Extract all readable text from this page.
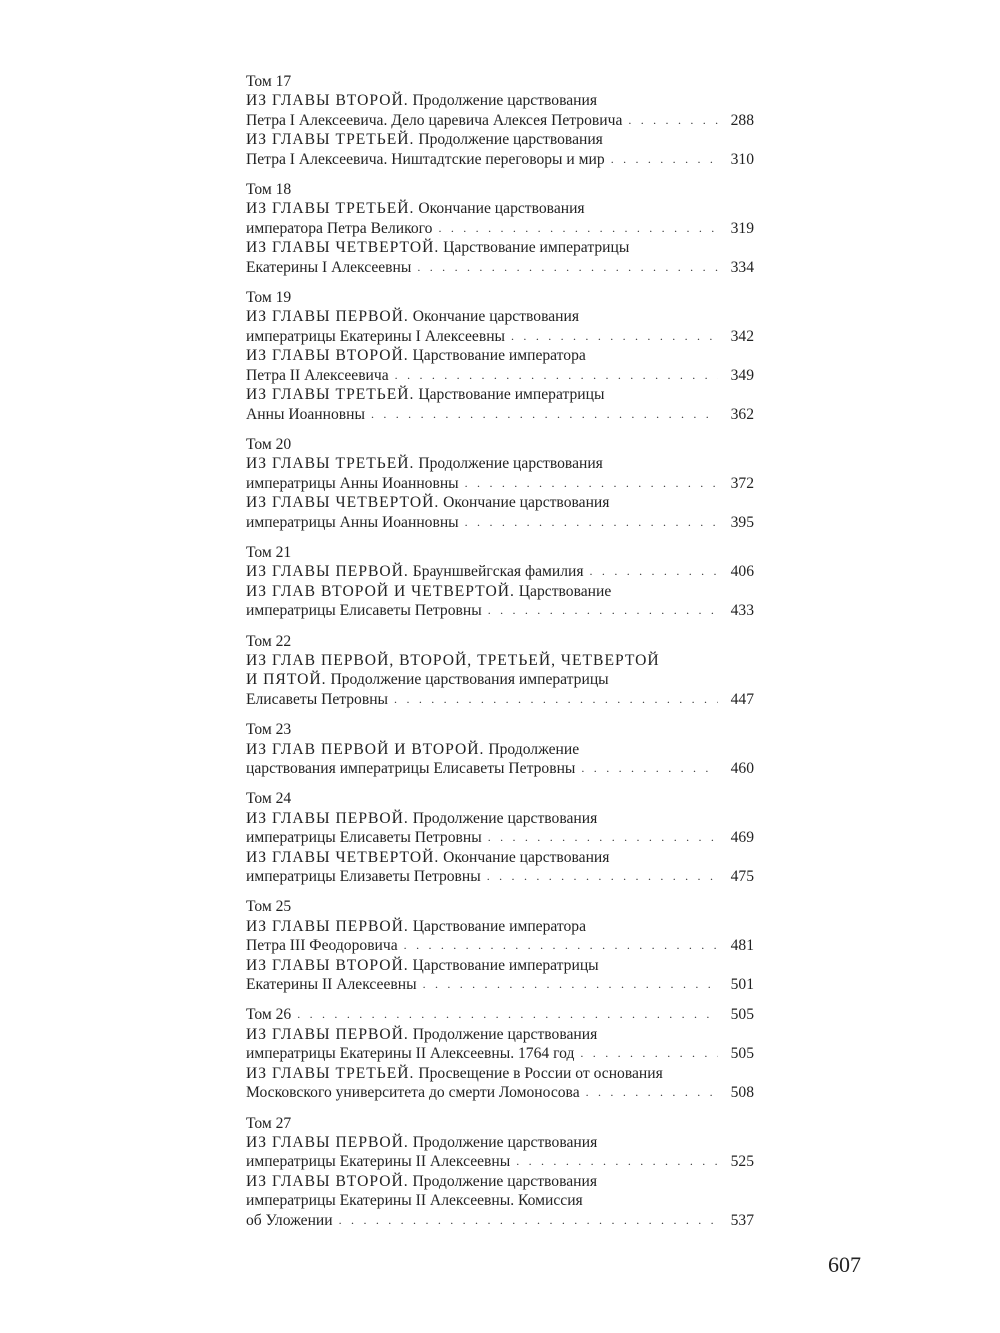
Том 17
ИЗ ГЛАВЫ ВТОРОЙ. Продолжение царствования
Петра I Алексеевича. Дело царевича Алексея Петровича . . .	288
ИЗ ГЛАВЫ ТРЕТЬЕЙ. Продолжение царствования
Петра I Алексеевича. Ништадтские переговоры и мир . . .	310
Том 18
ИЗ ГЛАВЫ ТРЕТЬЕЙ. Окончание царствования
императора Петра Великого . . .	319
ИЗ ГЛАВЫ ЧЕТВЕРТОЙ. Царствование императрицы
Екатерины I Алексеевны . . .	334
Том 19
ИЗ ГЛАВЫ ПЕРВОЙ. Окончание царствования
императрицы Екатерины I Алексеевны . . .	342
ИЗ ГЛАВЫ ВТОРОЙ. Царствование императора
Петра II Алексеевича . . .	349
ИЗ ГЛАВЫ ТРЕТЬЕЙ. Царствование императрицы
Анны Иоанновны . . .	362
Том 20
ИЗ ГЛАВЫ ТРЕТЬЕЙ. Продолжение царствования
императрицы Анны Иоанновны . . .	372
ИЗ ГЛАВЫ ЧЕТВЕРТОЙ. Окончание царствования
императрицы Анны Иоанновны . . .	395
Том 21
ИЗ ГЛАВЫ ПЕРВОЙ. Брауншвейгская фамилия . . .	406
ИЗ ГЛАВ ВТОРОЙ И ЧЕТВЕРТОЙ. Царствование
императрицы Елисаветы Петровны . . .	433
Том 22
ИЗ ГЛАВ ПЕРВОЙ, ВТОРОЙ, ТРЕТЬЕЙ, ЧЕТВЕРТОЙ
И ПЯТОЙ. Продолжение царствования императрицы
Елисаветы Петровны . . .	447
Том 23
ИЗ ГЛАВ ПЕРВОЙ И ВТОРОЙ. Продолжение
царствования императрицы Елисаветы Петровны . . .	460
Том 24
ИЗ ГЛАВЫ ПЕРВОЙ. Продолжение царствования
императрицы Елисаветы Петровны . . .	469
ИЗ ГЛАВЫ ЧЕТВЕРТОЙ. Окончание царствования
императрицы Елизаветы Петровны . . .	475
Том 25
ИЗ ГЛАВЫ ПЕРВОЙ. Царствование императора
Петра III Феодоровича . . .	481
ИЗ ГЛАВЫ ВТОРОЙ. Царствование императрицы
Екатерины II Алексеевны . . .	501
Том 26 . . .	505
ИЗ ГЛАВЫ ПЕРВОЙ. Продолжение царствования
императрицы Екатерины II Алексеевны. 1764 год . . .	505
ИЗ ГЛАВЫ ТРЕТЬЕЙ. Просвещение в России от основания
Московского университета до смерти Ломоносова . . .	508
Том 27
ИЗ ГЛАВЫ ПЕРВОЙ. Продолжение царствования
императрицы Екатерины II Алексеевны . . .	525
ИЗ ГЛАВЫ ВТОРОЙ. Продолжение царствования
императрицы Екатерины II Алексеевны. Комиссия
об Уложении . . .	537
607
